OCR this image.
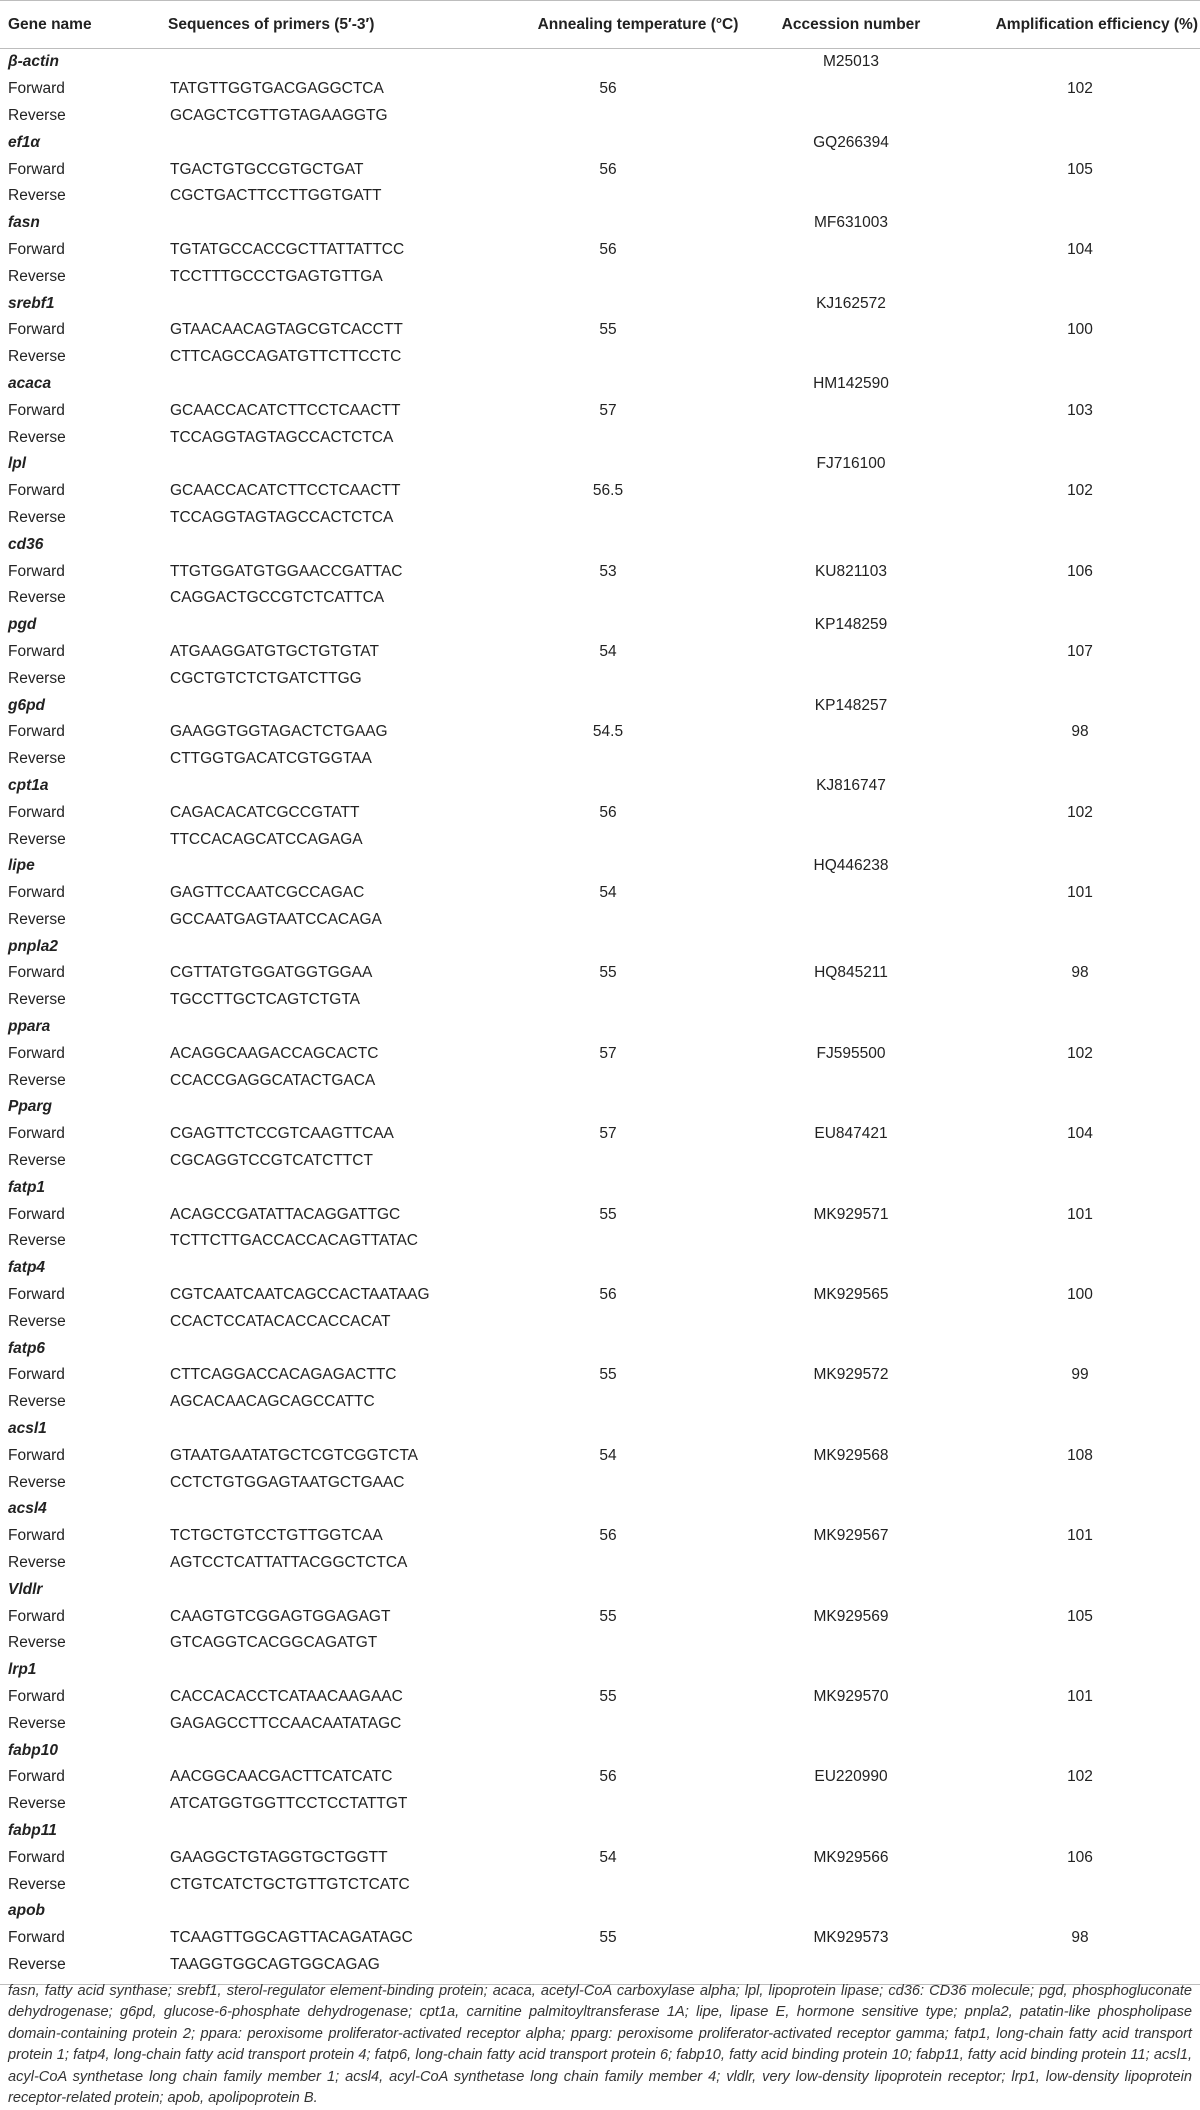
Gene name	Sequences of primers (5′-3′)	Annealing temperature (°C)	Accession number	Amplification efficiency (%)
β-actin			M25013	
Forward	TATGTTGGTGACGAGGCTCA	56		102
Reverse	GCAGCTCGTTGTAGAAGGTG			
ef1α			GQ266394	
Forward	TGACTGTGCCGTGCTGAT	56		105
Reverse	CGCTGACTTCCTTGGTGATT			
fasn			MF631003	
Forward	TGTATGCCACCGCTTATTATTCC	56		104
Reverse	TCCTTTGCCCTGAGTGTTGA			
srebf1			KJ162572	
Forward	GTAACAACAGTAGCGTCACCTT	55		100
Reverse	CTTCAGCCAGATGTTCTTCCTC			
acaca			HM142590	
Forward	GCAACCACATCTTCCTCAACTT	57		103
Reverse	TCCAGGTAGTAGCCACTCTCA			
lpl			FJ716100	
Forward	GCAACCACATCTTCCTCAACTT	56.5		102
Reverse	TCCAGGTAGTAGCCACTCTCA			
cd36				
Forward	TTGTGGATGTGGAACCGATTAC	53	KU821103	106
Reverse	CAGGACTGCCGTCTCATTCA			
pgd			KP148259	
Forward	ATGAAGGATGTGCTGTGTAT	54		107
Reverse	CGCTGTCTCTGATCTTGG			
g6pd			KP148257	
Forward	GAAGGTGGTAGACTCTGAAG	54.5		98
Reverse	CTTGGTGACATCGTGGTAA			
cpt1a			KJ816747	
Forward	CAGACACATCGCCGTATT	56		102
Reverse	TTCCACAGCATCCAGAGA			
lipe			HQ446238	
Forward	GAGTTCCAATCGCCAGAC	54		101
Reverse	GCCAATGAGTAATCCACAGA			
pnpla2				
Forward	CGTTATGTGGATGGTGGAA	55	HQ845211	98
Reverse	TGCCTTGCTCAGTCTGTA			
ppara				
Forward	ACAGGCAAGACCAGCACTC	57	FJ595500	102
Reverse	CCACCGAGGCATACTGACA			
Pparg				
Forward	CGAGTTCTCCGTCAAGTTCAA	57	EU847421	104
Reverse	CGCAGGTCCGTCATCTTCT			
fatp1				
Forward	ACAGCCGATATTACAGGATTGC	55	MK929571	101
Reverse	TCTTCTTGACCACCACAGTTATAC			
fatp4				
Forward	CGTCAATCAATCAGCCACTAATAAG	56	MK929565	100
Reverse	CCACTCCATACACCACCACAT			
fatp6				
Forward	CTTCAGGACCACAGAGACTTC	55	MK929572	99
Reverse	AGCACAACAGCAGCCATTC			
acsl1				
Forward	GTAATGAATATGCTCGTCGGTCTA	54	MK929568	108
Reverse	CCTCTGTGGAGTAATGCTGAAC			
acsl4				
Forward	TCTGCTGTCCTGTTGGTCAA	56	MK929567	101
Reverse	AGTCCTCATTATTACGGCTCTCA			
Vldlr				
Forward	CAAGTGTCGGAGTGGAGAGT	55	MK929569	105
Reverse	GTCAGGTCACGGCAGATGT			
lrp1				
Forward	CACCACACCTCATAACAAGAAC	55	MK929570	101
Reverse	GAGAGCCTTCCAACAATATAGC			
fabp10				
Forward	AACGGCAACGACTTCATCATC	56	EU220990	102
Reverse	ATCATGGTGGTTCCTCCTATTGT			
fabp11				
Forward	GAAGGCTGTAGGTGCTGGTT	54	MK929566	106
Reverse	CTGTCATCTGCTGTTGTCTCATC			
apob				
Forward	TCAAGTTGGCAGTTACAGATAGC	55	MK929573	98
Reverse	TAAGGTGGCAGTGGCAGAG			

fasn, fatty acid synthase; srebf1, sterol-regulator element-binding protein; acaca, acetyl-CoA carboxylase alpha; lpl, lipoprotein lipase; cd36: CD36 molecule; pgd, phosphogluconate dehydrogenase; g6pd, glucose-6-phosphate dehydrogenase; cpt1a, carnitine palmitoyltransferase 1A; lipe, lipase E, hormone sensitive type; pnpla2, patatin-like phospholipase domain-containing protein 2; ppara: peroxisome proliferator-activated receptor alpha; pparg: peroxisome proliferator-activated receptor gamma; fatp1, long-chain fatty acid transport protein 1; fatp4, long-chain fatty acid transport protein 4; fatp6, long-chain fatty acid transport protein 6; fabp10, fatty acid binding protein 10; fabp11, fatty acid binding protein 11; acsl1, acyl-CoA synthetase long chain family member 1; acsl4, acyl-CoA synthetase long chain family member 4; vldlr, very low-density lipoprotein receptor; lrp1, low-density lipoprotein receptor-related protein; apob, apolipoprotein B.
